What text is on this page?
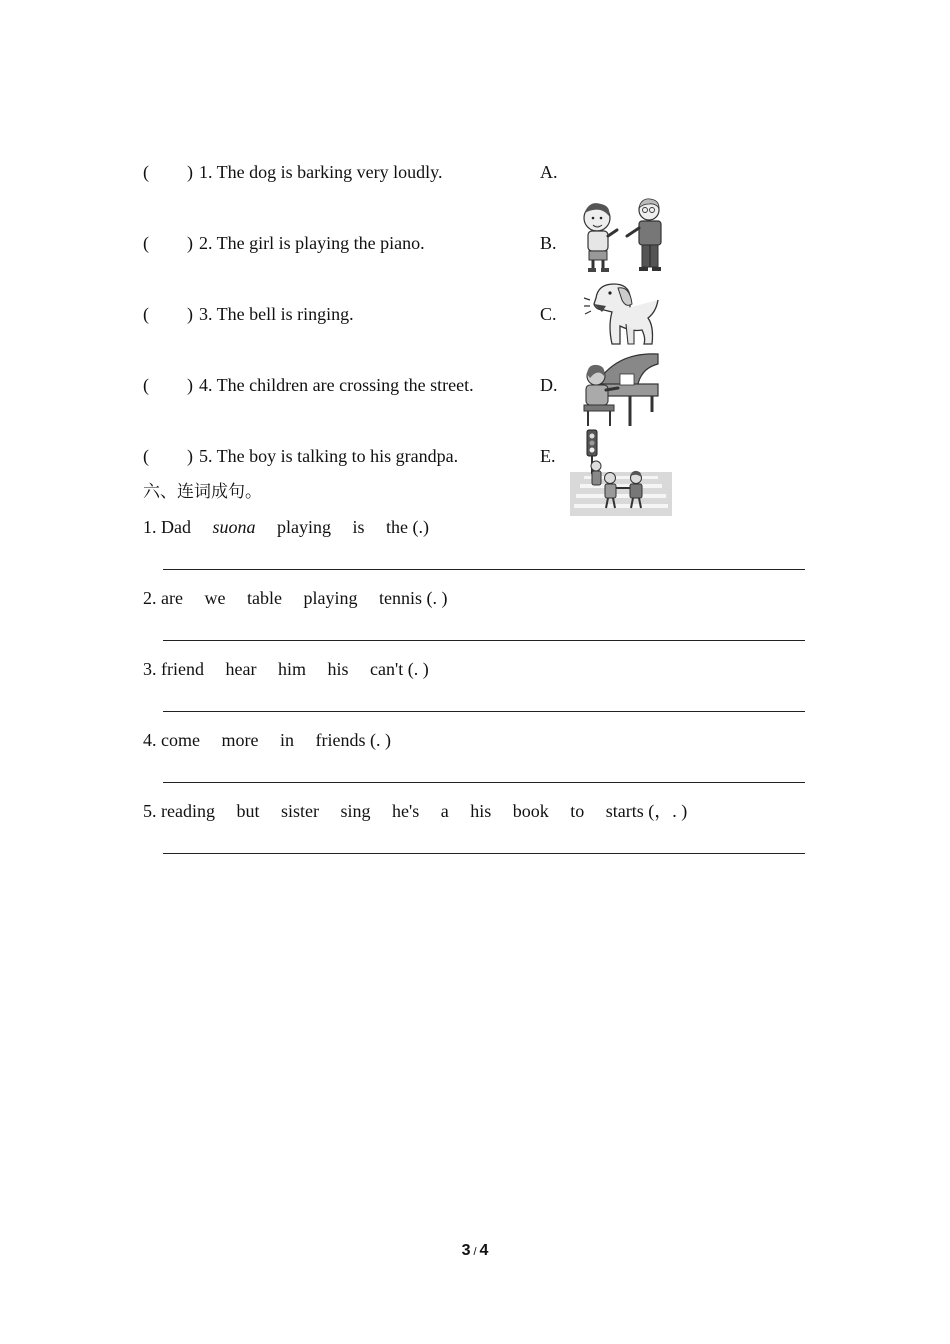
( ) 1. The dog is barking very loudly.	A.
( ) 2. The girl is playing the piano.	B.
( ) 3. The bell is ringing.	C.
( ) 4. The children are crossing the street.	D.
( ) 5. The boy is talking to his grandpa.	E.
六、连词成句。
1. Dad suona playing is the (.)
2. are we table playing tennis (. )
3. friend hear him his can't (. )
4. come more in friends (. )
5. reading but sister sing he's a his book to starts (，. )
3 / 4
